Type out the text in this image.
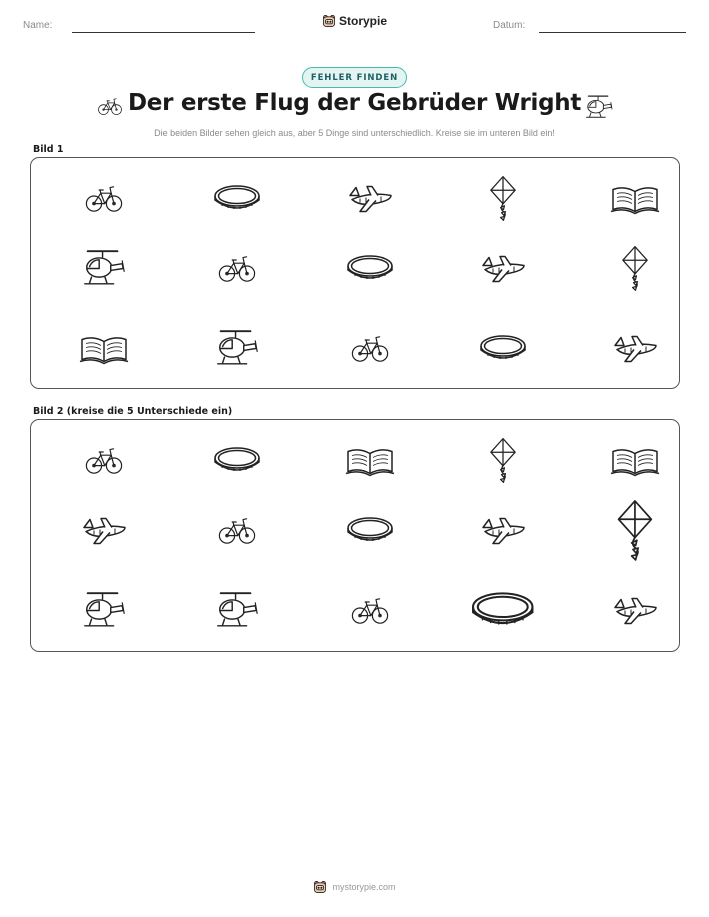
Name:	Storypie	Datum:
FEHLER FINDEN
Der erste Flug der Gebrüder Wright
Die beiden Bilder sehen gleich aus, aber 5 Dinge sind unterschiedlich. Kreise sie im unteren Bild ein!
Bild 1
Bild 2 (kreise die 5 Unterschiede ein)
mystorypie.com
